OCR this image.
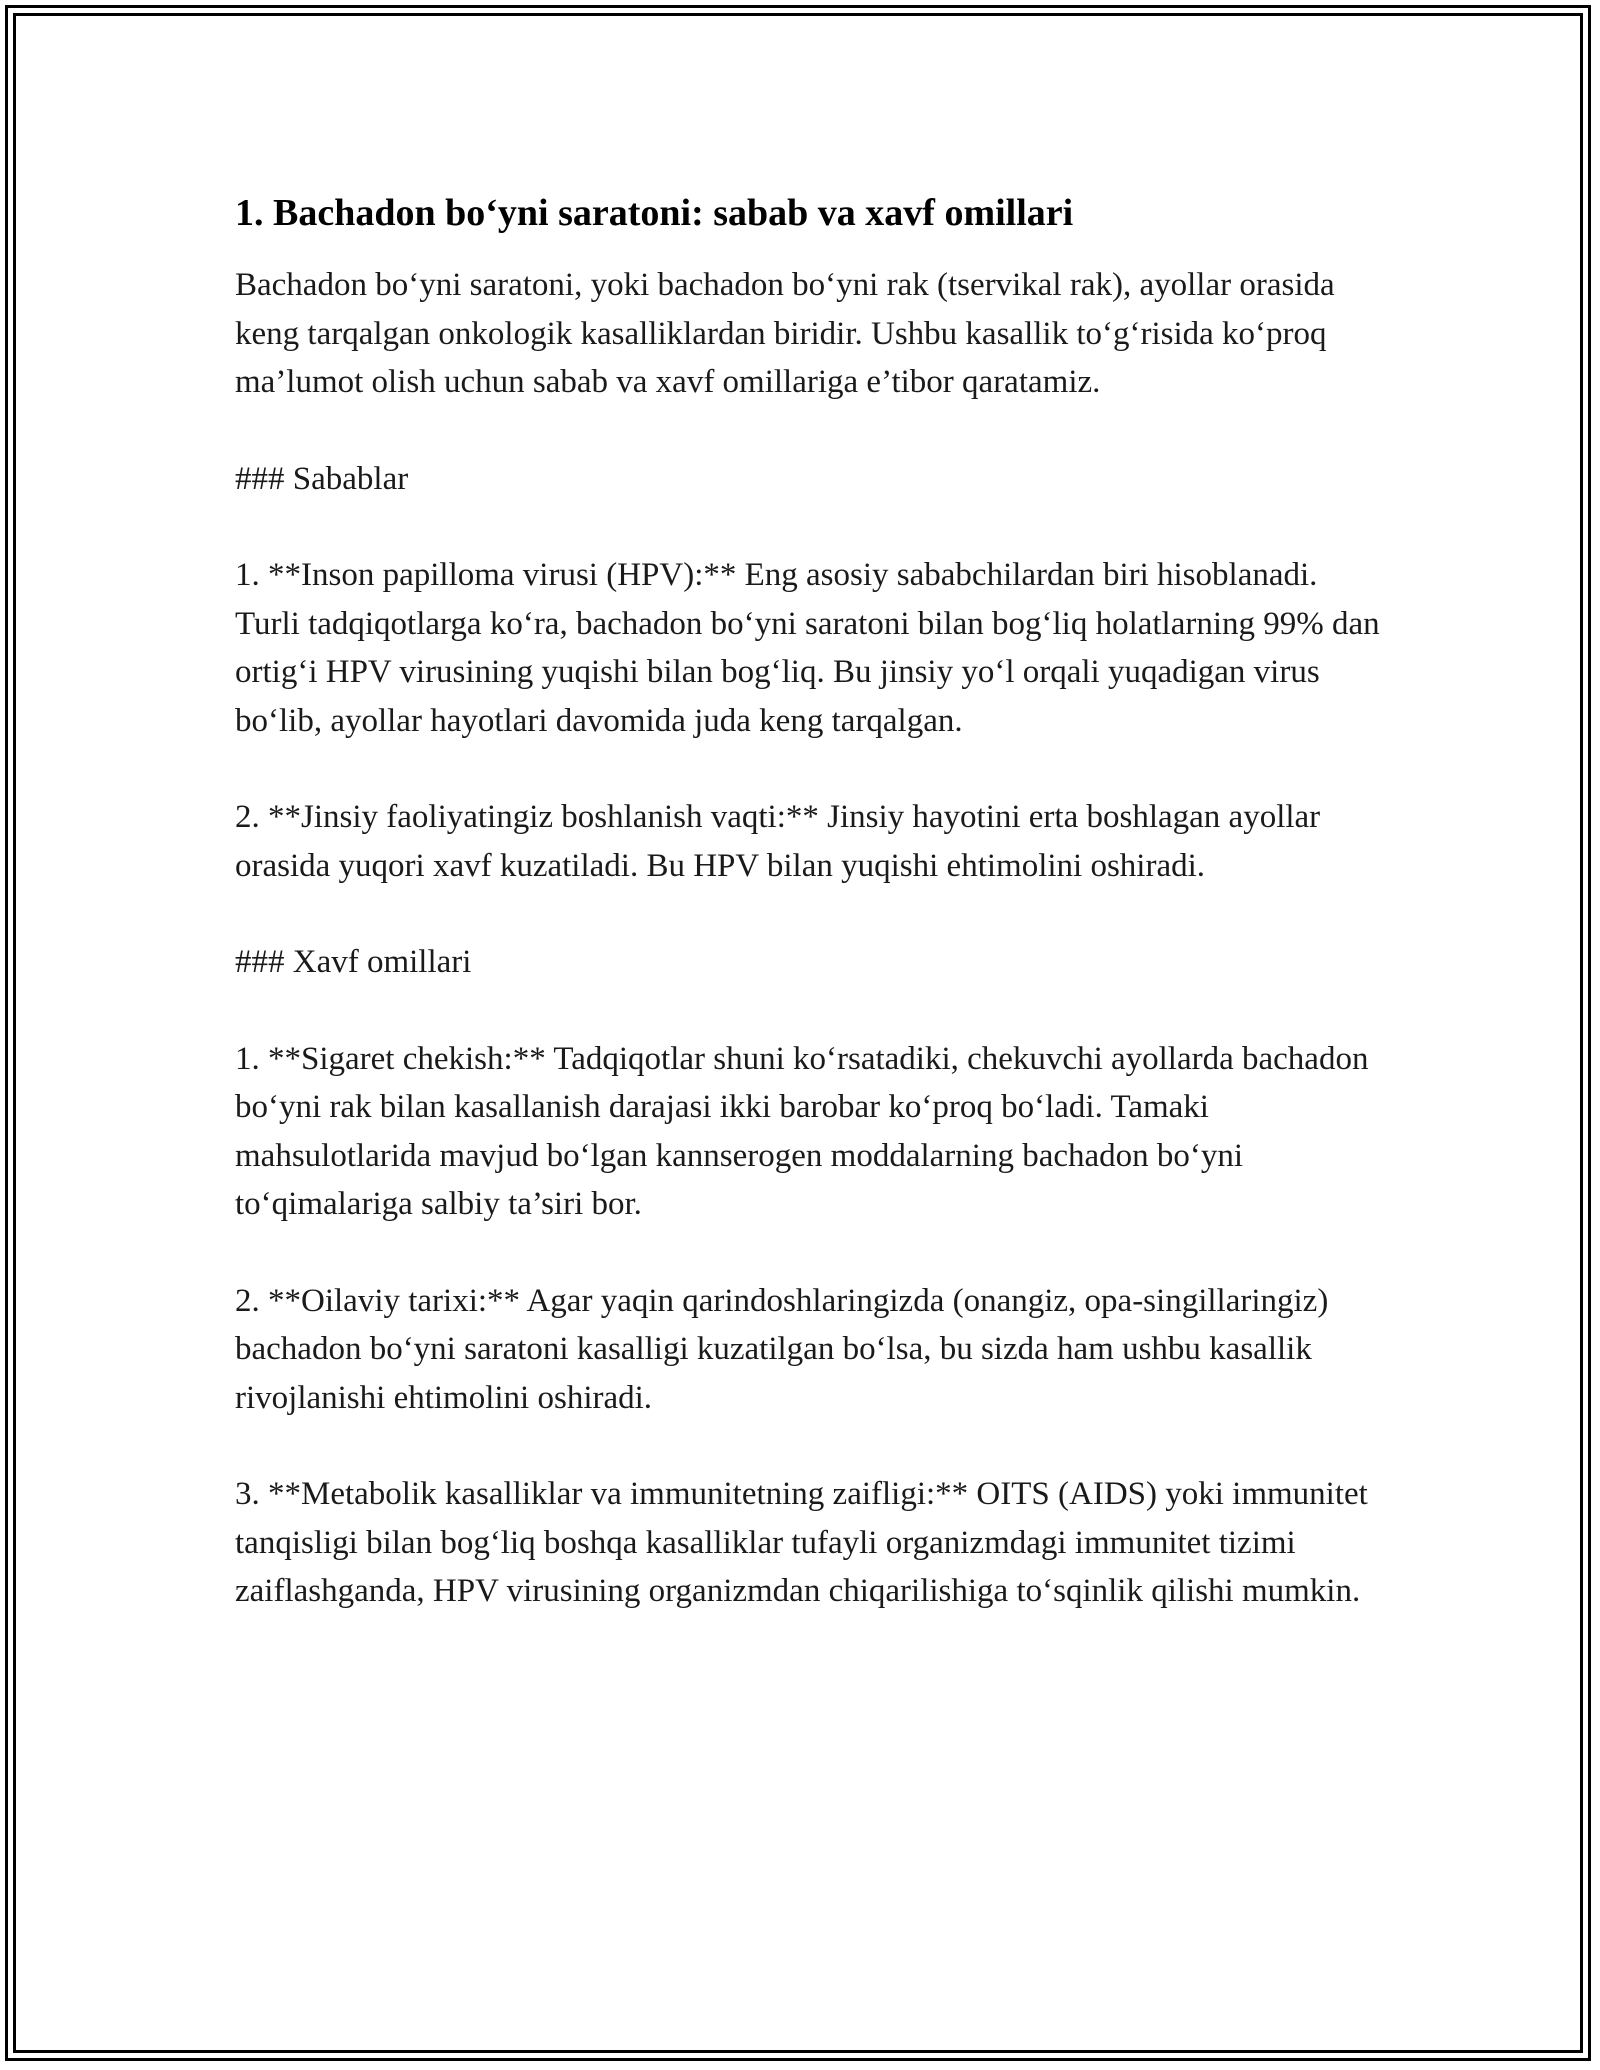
1. Bachadon bo‘yni saratoni: sabab va xavf omillari

Bachadon bo‘yni saratoni, yoki bachadon bo‘yni rak (tservikal rak), ayollar orasida keng tarqalgan onkologik kasalliklardan biridir. Ushbu kasallik to‘g‘risida ko‘proq ma’lumot olish uchun sabab va xavf omillariga e’tibor qaratamiz.

### Sabablar

1. **Inson papilloma virusi (HPV):** Eng asosiy sababchilardan biri hisoblanadi. Turli tadqiqotlarga ko‘ra, bachadon bo‘yni saratoni bilan bog‘liq holatlarning 99% dan ortig‘i HPV virusining yuqishi bilan bog‘liq. Bu jinsiy yo‘l orqali yuqadigan virus bo‘lib, ayollar hayotlari davomida juda keng tarqalgan.

2. **Jinsiy faoliyatingiz boshlanish vaqti:** Jinsiy hayotini erta boshlagan ayollar orasida yuqori xavf kuzatiladi. Bu HPV bilan yuqishi ehtimolini oshiradi.

### Xavf omillari

1. **Sigaret chekish:** Tadqiqotlar shuni ko‘rsatadiki, chekuvchi ayollarda bachadon bo‘yni rak bilan kasallanish darajasi ikki barobar ko‘proq bo‘ladi. Tamaki mahsulotlarida mavjud bo‘lgan kannserogen moddalarning bachadon bo‘yni to‘qimalariga salbiy ta’siri bor.

2. **Oilaviy tarixi:** Agar yaqin qarindoshlaringizda (onangiz, opa-singillaringiz) bachadon bo‘yni saratoni kasalligi kuzatilgan bo‘lsa, bu sizda ham ushbu kasallik rivojlanishi ehtimolini oshiradi.

3. **Metabolik kasalliklar va immunitetning zaifligi:** OITS (AIDS) yoki immunitet tanqisligi bilan bog‘liq boshqa kasalliklar tufayli organizmdagi immunitet tizimi zaiflashganda, HPV virusining organizmdan chiqarilishiga to‘sqinlik qilishi mumkin.
